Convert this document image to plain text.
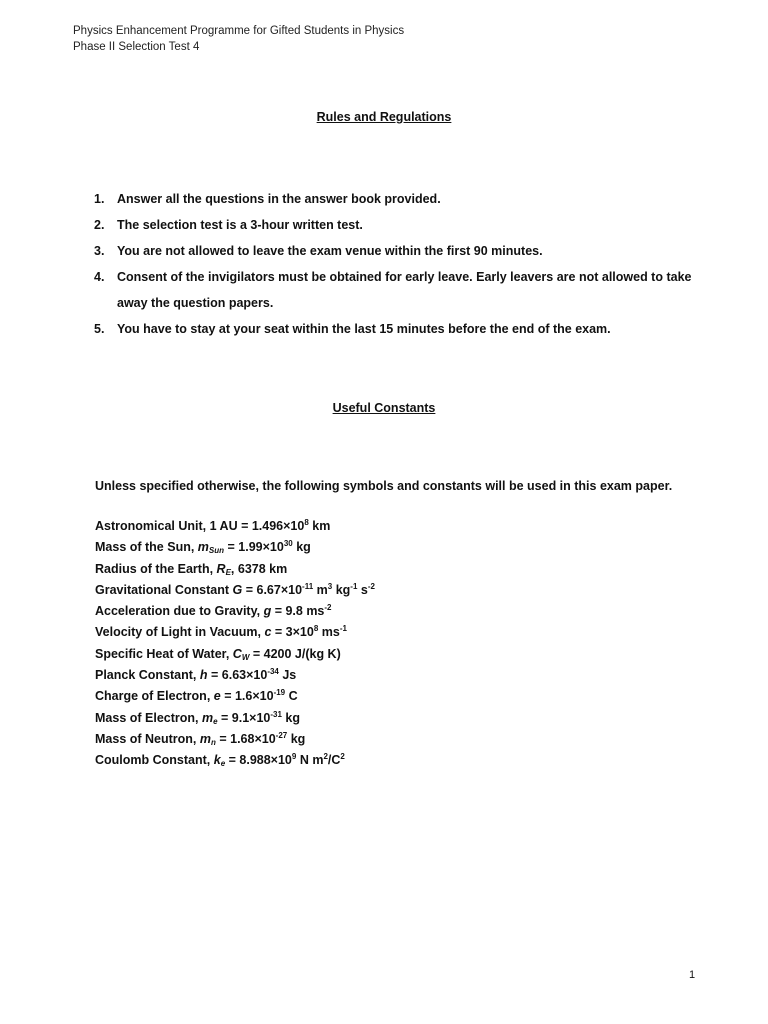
Physics Enhancement Programme for Gifted Students in Physics
Phase II Selection Test 4
Rules and Regulations
1.	Answer all the questions in the answer book provided.
2.	The selection test is a 3-hour written test.
3.	You are not allowed to leave the exam venue within the first 90 minutes.
4.	Consent of the invigilators must be obtained for early leave. Early leavers are not allowed to take away the question papers.
5.	You have to stay at your seat within the last 15 minutes before the end of the exam.
Useful Constants
Unless specified otherwise, the following symbols and constants will be used in this exam paper.
Astronomical Unit, 1 AU = $1.496\times 10^8$ km
Mass of the Sun, $m_{Sun} = 1.99\times 10^{30}$ kg
Radius of the Earth, $R_E$, 6378 km
Gravitational Constant $G = 6.67\times 10^{-11}$ $m^3$ $kg^{-1}$ $s^{-2}$
Acceleration due to Gravity, g = 9.8 $ms^{-2}$
Velocity of Light in Vacuum, $c = 3\times 10^8$ $ms^{-1}$
Specific Heat of Water, $C_W = 4200$ J/(kg K)
Planck Constant, $h = 6.63\times 10^{-34}$ Js
Charge of Electron, $e = 1.6\times 10^{-19}$ C
Mass of Electron, $m_e = 9.1\times 10^{-31}$ kg
Mass of Neutron, $m_n = 1.68\times 10^{-27}$ kg
Coulomb Constant, $k_e = 8.988\times 10^9$ N $m^2/C^2$
1
